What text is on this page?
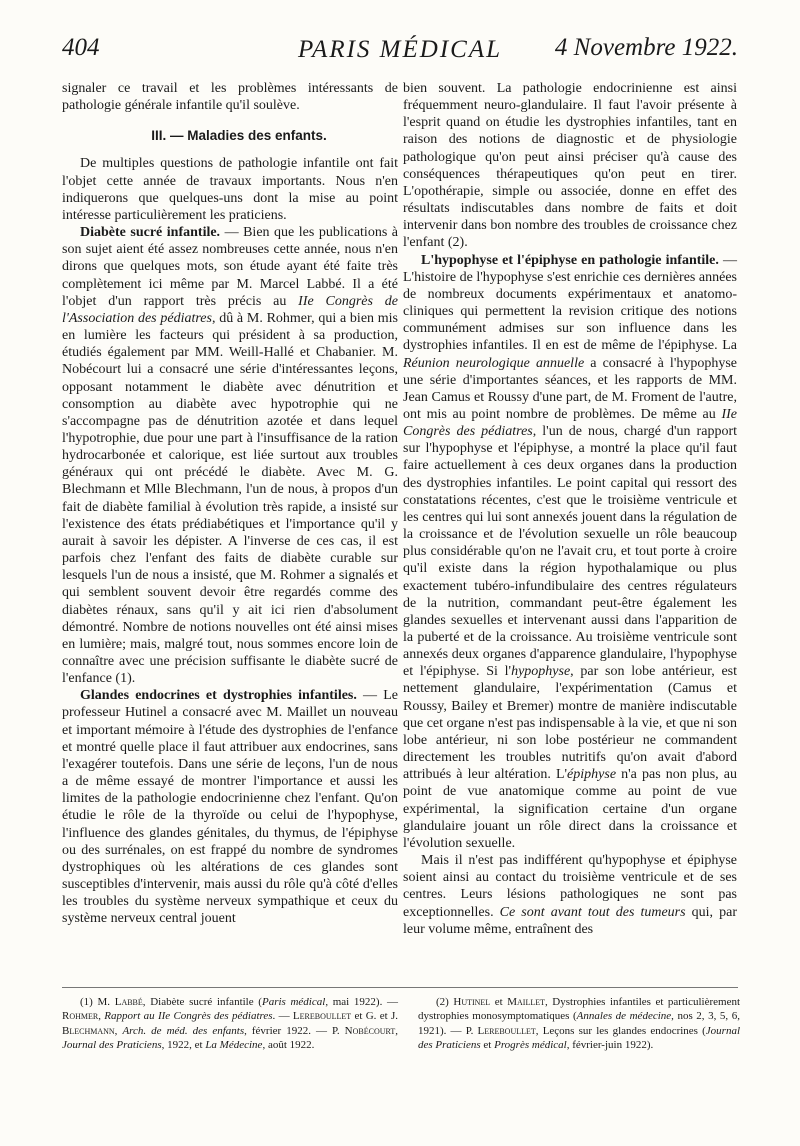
404	PARIS MÉDICAL	4 Novembre 1922.

signaler ce travail et les problèmes intéressants de pathologie générale infantile qu'il soulève.

III. — Maladies des enfants.

De multiples questions de pathologie infantile ont fait l'objet cette année de travaux importants. Nous n'en indiquerons que quelques-uns dont la mise au point intéresse particulièrement les praticiens.

Diabète sucré infantile. — Bien que les publications à son sujet aient été assez nombreuses cette année, nous n'en dirons que quelques mots, son étude ayant été faite très complètement ici même par M. Marcel Labbé. Il a été l'objet d'un rapport très précis au IIe Congrès de l'Association des pédiatres, dû à M. Rohmer, qui a bien mis en lumière les facteurs qui président à sa production, étudiés également par MM. Weill-Hallé et Chabanier. M. Nobécourt lui a consacré une série d'intéressantes leçons, opposant notamment le diabète avec dénutrition et consomption au diabète avec hypotrophie qui ne s'accompagne pas de dénutrition azotée et dans lequel l'hypotrophie, due pour une part à l'insuffisance de la ration hydrocarbonée et calorique, est liée surtout aux troubles généraux qui ont précédé le diabète. Avec M. G. Blechmann et Mlle Blechmann, l'un de nous, à propos d'un fait de diabète familial à évolution très rapide, a insisté sur l'existence des états prédiabétiques et l'importance qu'il y aurait à savoir les dépister. A l'inverse de ces cas, il est parfois chez l'enfant des faits de diabète curable sur lesquels l'un de nous a insisté, que M. Rohmer a signalés et qui semblent souvent devoir être regardés comme des diabètes rénaux, sans qu'il y ait ici rien d'absolument démontré. Nombre de notions nouvelles ont été ainsi mises en lumière; mais, malgré tout, nous sommes encore loin de connaître avec une précision suffisante le diabète sucré de l'enfance (1).

Glandes endocrines et dystrophies infantiles. — Le professeur Hutinel a consacré avec M. Maillet un nouveau et important mémoire à l'étude des dystrophies de l'enfance et montré quelle place il faut attribuer aux endocrines, sans l'exagérer toutefois. Dans une série de leçons, l'un de nous a de même essayé de montrer l'importance et aussi les limites de la pathologie endocrinienne chez l'enfant. Qu'on étudie le rôle de la thyroïde ou celui de l'hypophyse, l'influence des glandes génitales, du thymus, de l'épiphyse ou des surrénales, on est frappé du nombre de syndromes dystrophiques où les altérations de ces glandes sont susceptibles d'intervenir, mais aussi du rôle qu'à côté d'elles les troubles du système nerveux sympathique et ceux du système nerveux central jouent

bien souvent. La pathologie endocrinienne est ainsi fréquemment neuro-glandulaire. Il faut l'avoir présente à l'esprit quand on étudie les dystrophies infantiles, tant en raison des notions de diagnostic et de physiologie pathologique qu'on peut ainsi préciser qu'à cause des conséquences thérapeutiques qu'on peut en tirer. L'opothérapie, simple ou associée, donne en effet des résultats indiscutables dans nombre de faits et doit intervenir dans bon nombre des troubles de croissance chez l'enfant (2).

L'hypophyse et l'épiphyse en pathologie infantile. — L'histoire de l'hypophyse s'est enrichie ces dernières années de nombreux documents expérimentaux et anatomo-cliniques qui permettent la revision critique des notions communément admises sur son influence dans les dystrophies infantiles. Il en est de même de l'épiphyse. La Réunion neurologique annuelle a consacré à l'hypophyse une série d'importantes séances, et les rapports de MM. Jean Camus et Roussy d'une part, de M. Froment de l'autre, ont mis au point nombre de problèmes. De même au IIe Congrès des pédiatres, l'un de nous, chargé d'un rapport sur l'hypophyse et l'épiphyse, a montré la place qu'il faut faire actuellement à ces deux organes dans la production des dystrophies infantiles. Le point capital qui ressort des constatations récentes, c'est que le troisième ventricule et les centres qui lui sont annexés jouent dans la régulation de la croissance et de l'évolution sexuelle un rôle beaucoup plus considérable qu'on ne l'avait cru, et tout porte à croire qu'il existe dans la région hypothalamique ou plus exactement tubéro-infundibulaire des centres régulateurs de la nutrition, commandant peut-être également les glandes sexuelles et intervenant aussi dans l'apparition de la puberté et de la croissance. Au troisième ventricule sont annexés deux organes d'apparence glandulaire, l'hypophyse et l'épiphyse. Si l'hypophyse, par son lobe antérieur, est nettement glandulaire, l'expérimentation (Camus et Roussy, Bailey et Bremer) montre de manière indiscutable que cet organe n'est pas indispensable à la vie, et que ni son lobe antérieur, ni son lobe postérieur ne commandent directement les troubles nutritifs qu'on avait d'abord attribués à leur altération. L'épiphyse n'a pas non plus, au point de vue anatomique comme au point de vue expérimental, la signification certaine d'un organe glandulaire jouant un rôle direct dans la croissance et l'évolution sexuelle.

Mais il n'est pas indifférent qu'hypophyse et épiphyse soient ainsi au contact du troisième ventricule et de ses centres. Leurs lésions pathologiques ne sont pas exceptionnelles. Ce sont avant tout des tumeurs qui, par leur volume même, entraînent des

(1) M. Labbé, Diabète sucré infantile (Paris médical, mai 1922). — Rohmer, Rapport au IIe Congrès des pédiatres. — Lereboullet et G. et J. Blechmann, Arch. de méd. des enfants, février 1922. — P. Nobécourt, Journal des Praticiens, 1922, et La Médecine, août 1922.

(2) Hutinel et Maillet, Dystrophies infantiles et particulièrement dystrophies monosymptomatiques (Annales de médecine, nos 2, 3, 5, 6, 1921). — P. Lereboullet, Leçons sur les glandes endocrines (Journal des Praticiens et Progrès médical, février-juin 1922).
